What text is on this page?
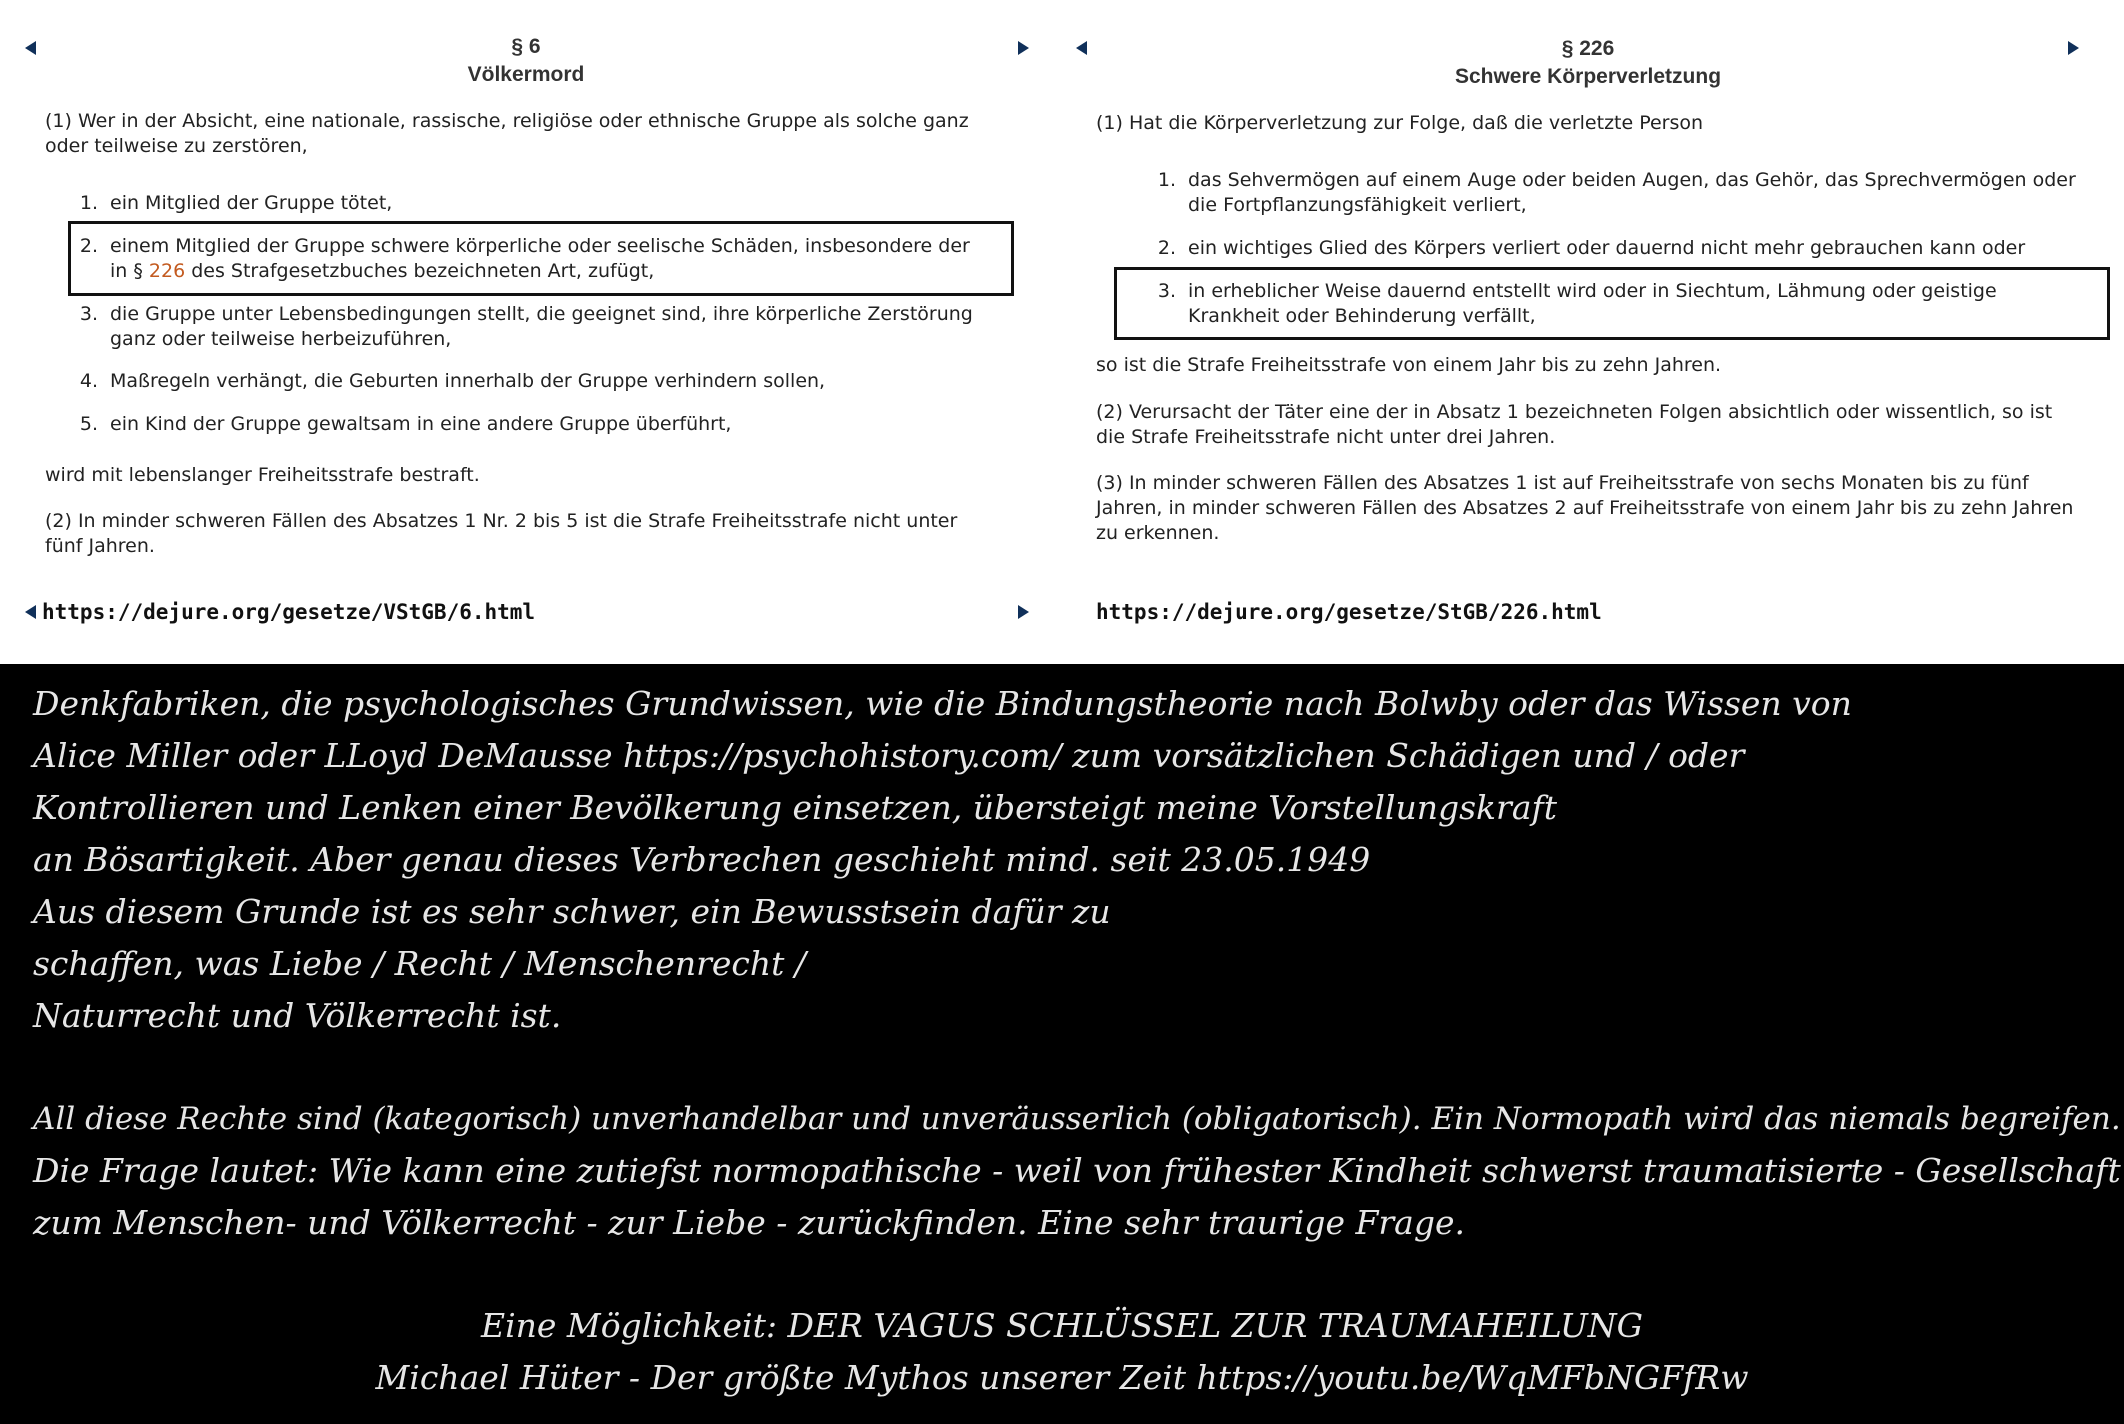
§ 6
Völkermord

(1) Wer in der Absicht, eine nationale, rassische, religiöse oder ethnische Gruppe als solche ganz oder teilweise zu zerstören,

1. ein Mitglied der Gruppe tötet,
2. einem Mitglied der Gruppe schwere körperliche oder seelische Schäden, insbesondere der in § 226 des Strafgesetzbuches bezeichneten Art, zufügt,
3. die Gruppe unter Lebensbedingungen stellt, die geeignet sind, ihre körperliche Zerstörung ganz oder teilweise herbeizuführen,
4. Maßregeln verhängt, die Geburten innerhalb der Gruppe verhindern sollen,
5. ein Kind der Gruppe gewaltsam in eine andere Gruppe überführt,

wird mit lebenslanger Freiheitsstrafe bestraft.

(2) In minder schweren Fällen des Absatzes 1 Nr. 2 bis 5 ist die Strafe Freiheitsstrafe nicht unter fünf Jahren.

https://dejure.org/gesetze/VStGB/6.html
§ 226
Schwere Körperverletzung

(1) Hat die Körperverletzung zur Folge, daß die verletzte Person

1. das Sehvermögen auf einem Auge oder beiden Augen, das Gehör, das Sprechvermögen oder die Fortpflanzungsfähigkeit verliert,
2. ein wichtiges Glied des Körpers verliert oder dauernd nicht mehr gebrauchen kann oder
3. in erheblicher Weise dauernd entstellt wird oder in Siechtum, Lähmung oder geistige Krankheit oder Behinderung verfällt,

so ist die Strafe Freiheitsstrafe von einem Jahr bis zu zehn Jahren.

(2) Verursacht der Täter eine der in Absatz 1 bezeichneten Folgen absichtlich oder wissentlich, so ist die Strafe Freiheitsstrafe nicht unter drei Jahren.

(3) In minder schweren Fällen des Absatzes 1 ist auf Freiheitsstrafe von sechs Monaten bis zu fünf Jahren, in minder schweren Fällen des Absatzes 2 auf Freiheitsstrafe von einem Jahr bis zu zehn Jahren zu erkennen.

https://dejure.org/gesetze/StGB/226.html
Denkfabriken, die psychologisches Grundwissen, wie die Bindungstheorie nach Bolwby oder das Wissen von
Alice Miller oder LLoyd DeMausse https://psychohistory.com/ zum vorsätzlichen Schädigen und / oder
Kontrollieren und Lenken einer Bevölkerung einsetzen, übersteigt meine Vorstellungskraft
an Bösartigkeit. Aber genau dieses Verbrechen geschieht mind. seit 23.05.1949
Aus diesem Grunde ist es sehr schwer, ein Bewusstsein dafür zu
schaffen, was Liebe / Recht / Menschenrecht /
Naturrecht und Völkerrecht ist.
All diese Rechte sind (kategorisch) unverhandelbar und unveräusserlich (obligatorisch). Ein Normopath wird das niemals begreifen.
Die Frage lautet: Wie kann eine zutiefst normopathische - weil von frühester Kindheit schwerst traumatisierte - Gesellschaft
zum Menschen- und Völkerrecht - zur Liebe - zurückfinden. Eine sehr traurige Frage.
Eine Möglichkeit: DER VAGUS SCHLÜSSEL ZUR TRAUMAHEILUNG
Michael Hüter - Der größte Mythos unserer Zeit https://youtu.be/WqMFbNGFfRw
